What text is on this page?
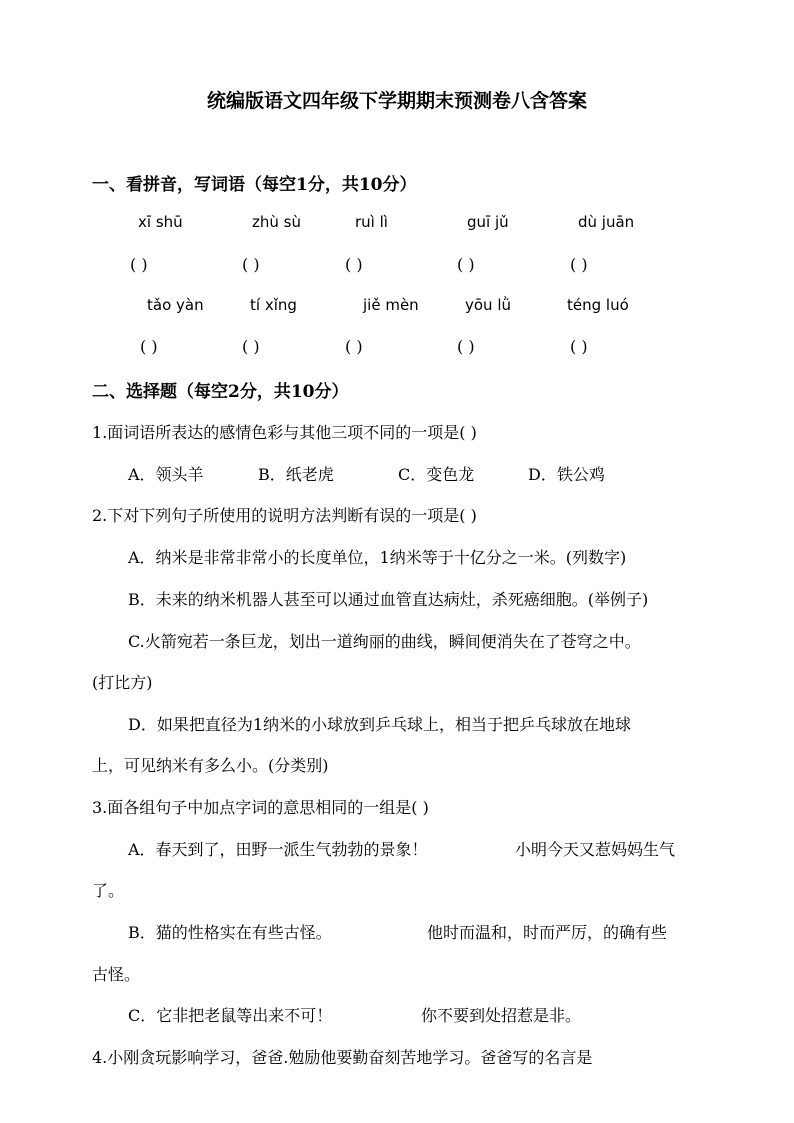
统编版语文四年级下学期期末预测卷八含答案
一、看拼音，写词语（每空1分，共10分）
xī shū	zhù sù	ruì lì	guī jǔ	dù juān
( )	( )	( )	( )	( )
tǎo yàn	tí xǐng	jiě mèn	yōu lǜ	téng luó
( )	( )	( )	( )	( )
二、选择题（每空2分，共10分）
1.面词语所表达的感情色彩与其他三项不同的一项是( )
A．领头羊	B．纸老虎	C．变色龙	D．铁公鸡
2.下对下列句子所使用的说明方法判断有误的一项是( )
A．纳米是非常非常小的长度单位，1纳米等于十亿分之一米。(列数字)
B．未来的纳米机器人甚至可以通过血管直达病灶，杀死癌细胞。(举例子)
C.火箭宛若一条巨龙，划出一道绚丽的曲线，瞬间便消失在了苍穹之中。
(打比方)
D．如果把直径为1纳米的小球放到乒乓球上，相当于把乒乓球放在地球
上，可见纳米有多么小。(分类别)
3.面各组句子中加点字词的意思相同的一组是( )
A．春天到了，田野一派生气勃勃的景象！	小明今天又惹妈妈生气
了。
B．猫的性格实在有些古怪。	他时而温和，时而严厉，的确有些
古怪。
C．它非把老鼠等出来不可！	你不要到处招惹是非。
4.小刚贪玩影响学习，爸爸.勉励他要勤奋刻苦地学习。爸爸写的名言是
